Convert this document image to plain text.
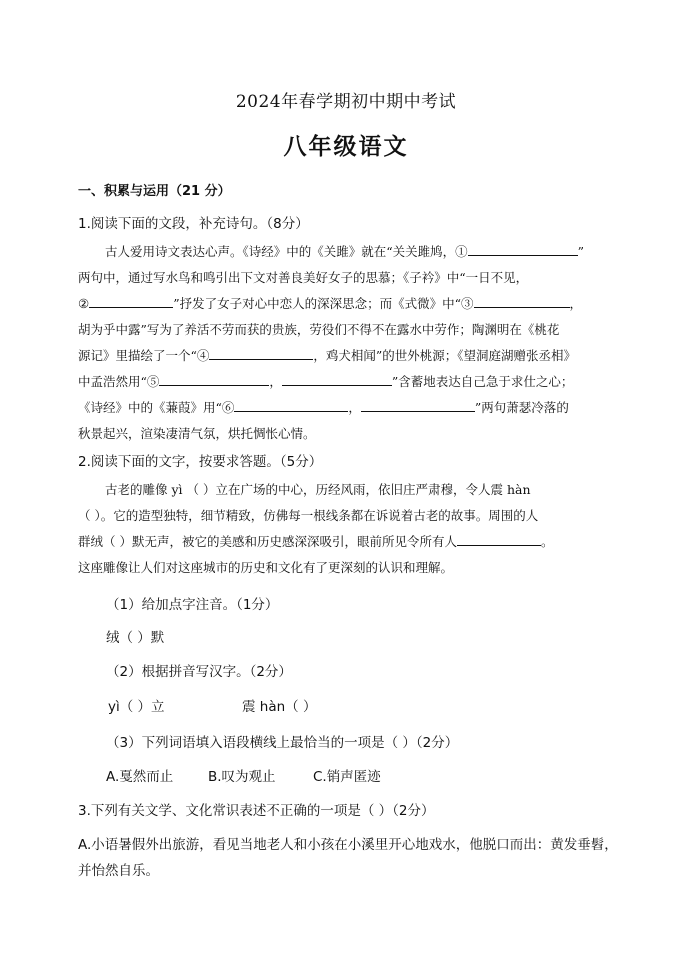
2024年春学期初中期中考试
八年级语文
一、积累与运用（21 分）
1.阅读下面的文段，补充诗句。（8分）
古人爱用诗文表达心声。《诗经》中的《关雎》就在“关关雎鸠，①	”
两句中，通过写水鸟和鸣引出下文对善良美好女子的思慕；《子衿》中“一日不见，
②	”抒发了女子对心中恋人的深深思念；而《式微》中“③	，
胡为乎中露”写为了养活不劳而获的贵族，劳役们不得不在露水中劳作；陶渊明在《桃花
源记》里描绘了一个“④	，鸡犬相闻”的世外桃源；《望洞庭湖赠张丞相》
中孟浩然用“⑤	，	”含蓄地表达自己急于求仕之心；
《诗经》中的《蒹葭》用“⑥	，	”两句萧瑟冷落的
秋景起兴，渲染凄清气氛，烘托惆怅心情。
2.阅读下面的文字，按要求答题。（5分）
古老的雕像 yì （ ）立在广场的中心，历经风雨，依旧庄严肃穆，令人震 hàn
（ ）。它的造型独特，细节精致，仿佛每一根线条都在诉说着古老的故事。周围的人
群绒（ ）默无声，被它的美感和历史感深深吸引，眼前所见令所有人	。
这座雕像让人们对这座城市的历史和文化有了更深刻的认识和理解。
（1）给加点字注音。（1分）
绒（ ）默
（2）根据拼音写汉字。（2分）
yì（ ）立	震 hàn（ ）
（3）下列词语填入语段横线上最恰当的一项是（ ）（2分）
A.戛然而止	B.叹为观止	C.销声匿迹
3.下列有关文学、文化常识表述不正确的一项是（ ）（2分）
A.小语暑假外出旅游，看见当地老人和小孩在小溪里开心地戏水，他脱口而出：黄发垂髫，
并怡然自乐。
